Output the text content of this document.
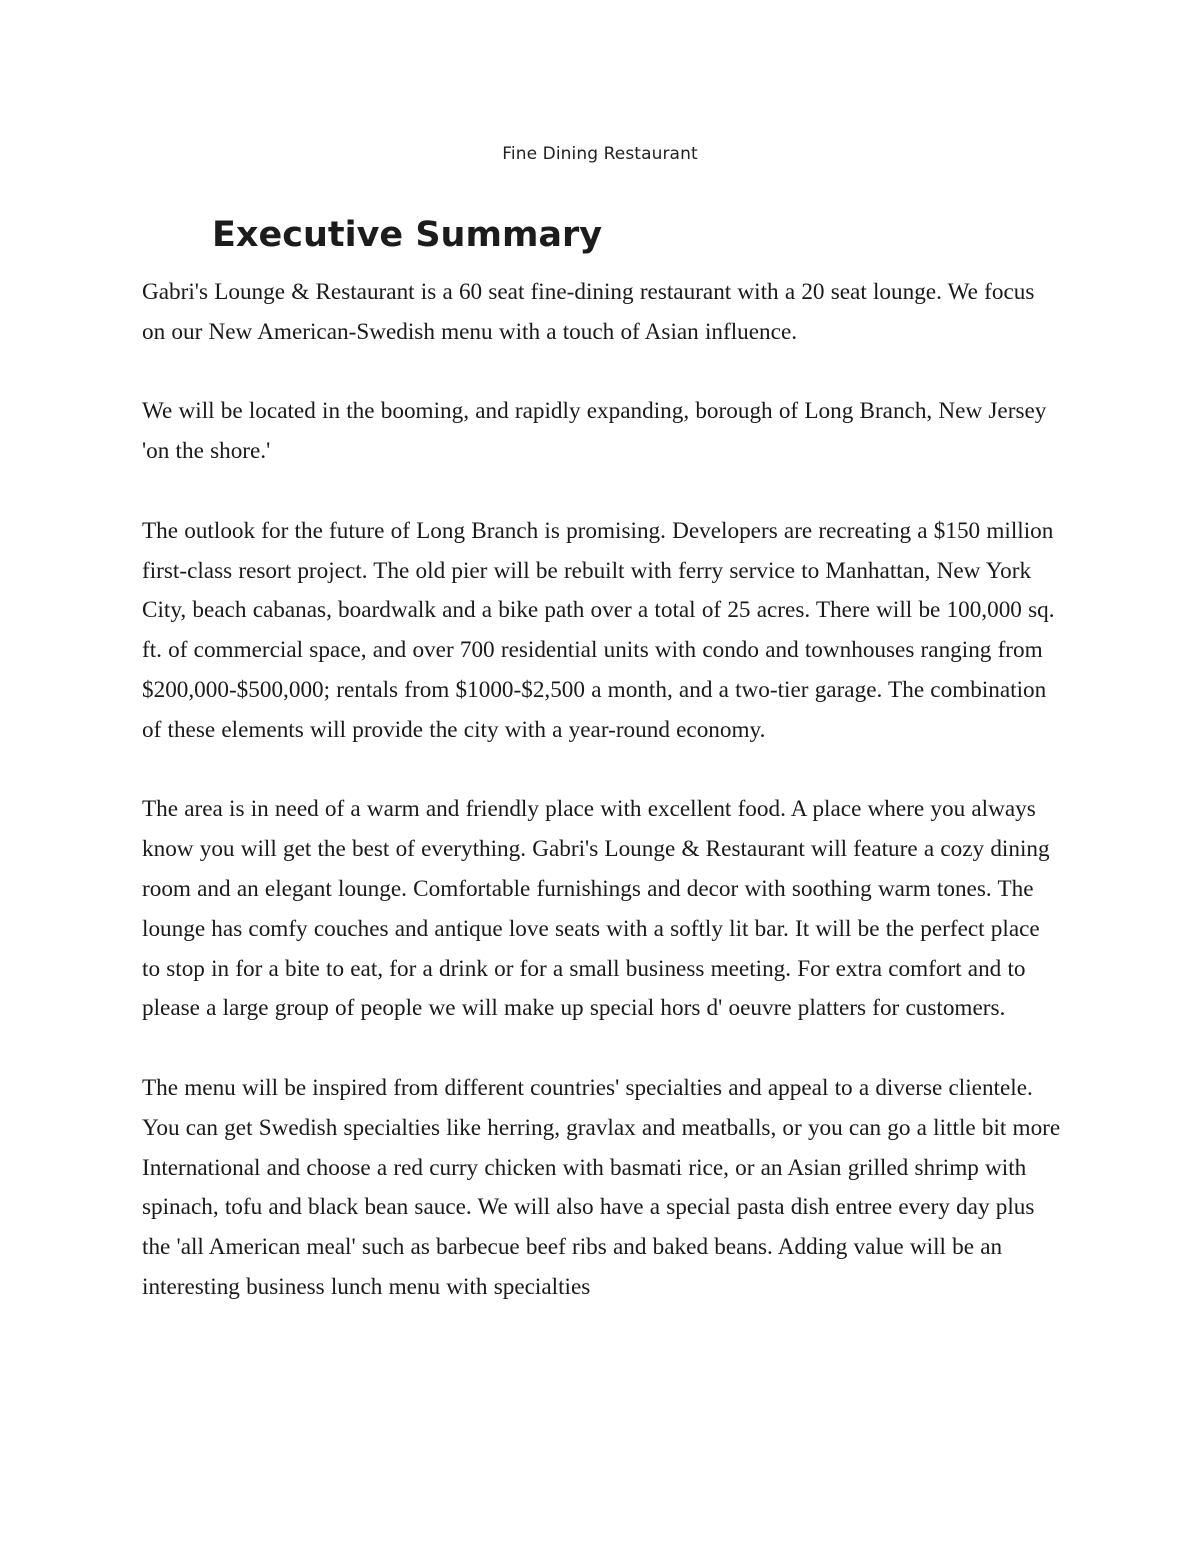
Fine Dining Restaurant
Executive Summary

Gabri's Lounge & Restaurant is a 60 seat fine-dining restaurant with a 20 seat lounge. We focus on our New American-Swedish menu with a touch of Asian influence.

We will be located in the booming, and rapidly expanding, borough of Long Branch, New Jersey 'on the shore.'

The outlook for the future of Long Branch is promising. Developers are recreating a $150 million first-class resort project. The old pier will be rebuilt with ferry service to Manhattan, New York City, beach cabanas, boardwalk and a bike path over a total of 25 acres. There will be 100,000 sq. ft. of commercial space, and over 700 residential units with condo and townhouses ranging from $200,000-$500,000; rentals from $1000-$2,500 a month, and a two-tier garage. The combination of these elements will provide the city with a year-round economy.

The area is in need of a warm and friendly place with excellent food. A place where you always know you will get the best of everything. Gabri's Lounge & Restaurant will feature a cozy dining room and an elegant lounge. Comfortable furnishings and decor with soothing warm tones. The lounge has comfy couches and antique love seats with a softly lit bar. It will be the perfect place to stop in for a bite to eat, for a drink or for a small business meeting. For extra comfort and to please a large group of people we will make up special hors d' oeuvre platters for customers.

The menu will be inspired from different countries' specialties and appeal to a diverse clientele. You can get Swedish specialties like herring, gravlax and meatballs, or you can go a little bit more International and choose a red curry chicken with basmati rice, or an Asian grilled shrimp with spinach, tofu and black bean sauce. We will also have a special pasta dish entree every day plus the 'all American meal' such as barbecue beef ribs and baked beans. Adding value will be an interesting business lunch menu with specialties
